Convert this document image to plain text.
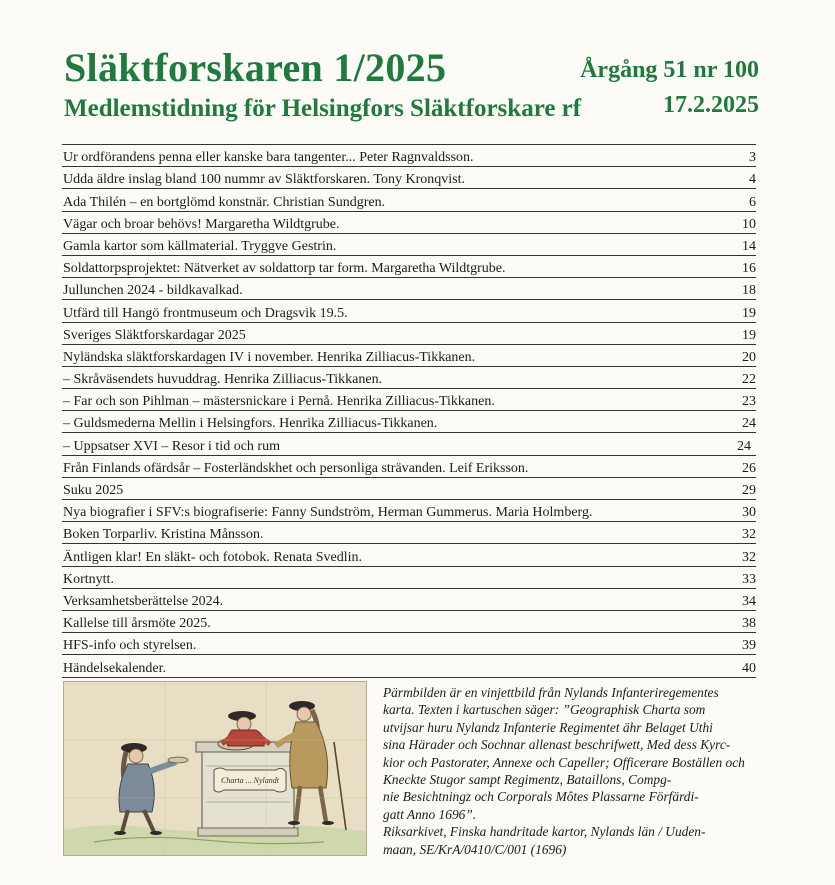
Släktforskaren 1/2025
Medlemstidning för Helsingfors Släktforskare rf
Årgång 51 nr 100
17.2.2025
Ur ordförandens penna eller kanske bara tangenter... Peter Ragnvaldsson.	3
Udda äldre inslag bland 100 nummr av Släktforskaren. Tony Kronqvist.	4
Ada Thilén – en bortglömd konstnär. Christian Sundgren.	6
Vägar och broar behövs! Margaretha Wildtgrube.	10
Gamla kartor som källmaterial. Tryggve Gestrin.	14
Soldattorpsprojektet: Nätverket av soldattorp tar form. Margaretha Wildtgrube.	16
Jullunchen 2024 - bildkavalkad.	18
Utfärd till Hangö frontmuseum och Dragsvik 19.5.	19
Sveriges Släktforskardagar 2025	19
Nyländska släktforskardagen IV i november. Henrika Zilliacus-Tikkanen.	20
– Skråväsendets huvuddrag. Henrika Zilliacus-Tikkanen.	22
– Far och son Pihlman – mästersnickare i Pernå. Henrika Zilliacus-Tikkanen.	23
– Guldsmederna Mellin i Helsingfors. Henrika Zilliacus-Tikkanen.	24
– Uppsatser XVI – Resor i tid och rum	24
Från Finlands ofärdsår – Fosterländskhet och personliga strävanden. Leif Eriksson.	26
Suku 2025	29
Nya biografier i SFV:s biografiserie: Fanny Sundström, Herman Gummerus. Maria Holmberg.	30
Boken Torparliv. Kristina Månsson.	32
Äntligen klar! En släkt- och fotobok. Renata Svedlin.	32
Kortnytt.	33
Verksamhetsberättelse 2024.	34
Kallelse till årsmöte 2025.	38
HFS-info och styrelsen.	39
Händelsekalender.	40
Charta ... Nylandt

Pärmbilden är en vinjettbild från Nylands Infanteriregementes

karta. Texten i kartuschen säger: ”Geographisk Charta som

utvijsar huru Nylandz Infanterie Regimentet ähr Belaget Uthi

sina Härader och Sochnar allenast beschrifwett, Med dess Kyrc-

kior och Pastorater, Annexe och Capeller; Officerare Boställen och

Kneckte Stugor sampt Regimentz, Bataillons, Compg-

nie Besichtningz och Corporals Môtes Plassarne Förfärdi-

gatt Anno 1696”.

Riksarkivet, Finska handritade kartor, Nylands län / Uuden-

maan, SE/KrA/0410/C/001 (1696)
